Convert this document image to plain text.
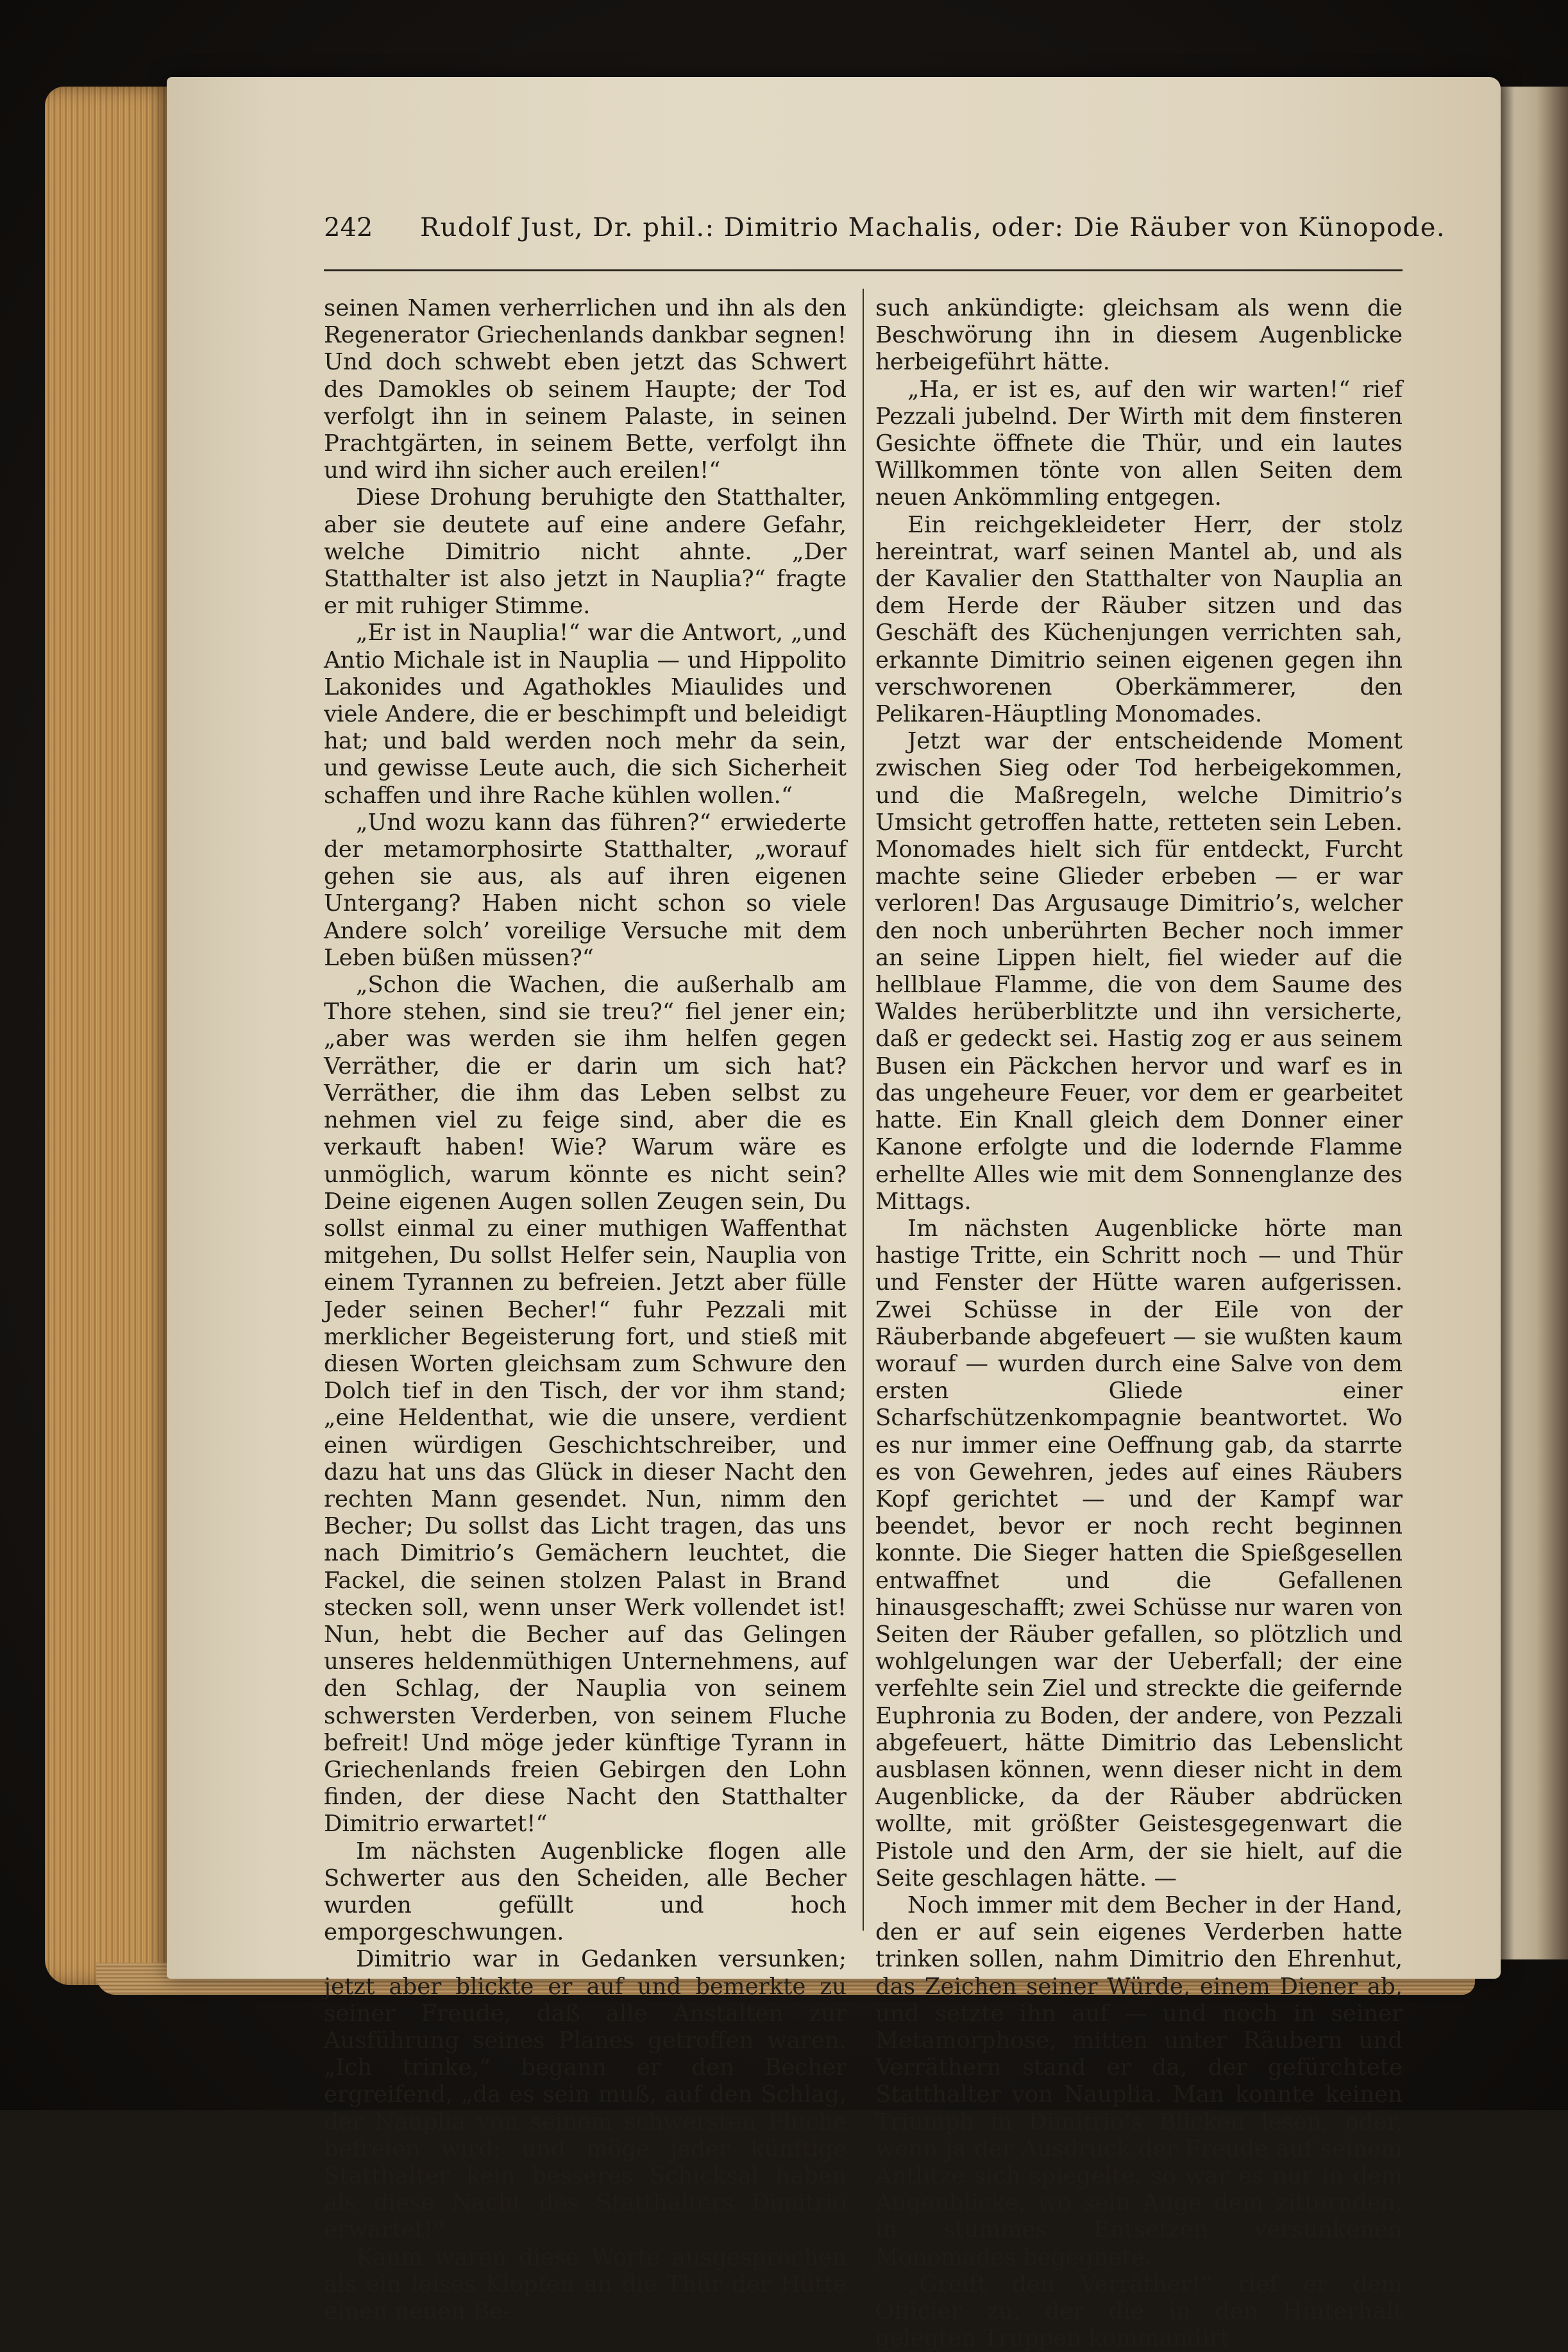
242 Rudolf Just, Dr. phil.: Dimitrio Machalis, oder: Die Räuber von Künopode.

seinen Namen verherrlichen und ihn als den Regenerator Griechenlands dankbar segnen! Und doch schwebt eben jetzt das Schwert des Damokles ob seinem Haupte; der Tod verfolgt ihn in seinem Palaste, in seinen Prachtgärten, in seinem Bette, verfolgt ihn und wird ihn sicher auch ereilen!“

Diese Drohung beruhigte den Statthalter, aber sie deutete auf eine andere Gefahr, welche Dimitrio nicht ahnte. „Der Statthalter ist also jetzt in Nauplia?“ fragte er mit ruhiger Stimme.

„Er ist in Nauplia!“ war die Antwort, „und Antio Michale ist in Nauplia — und Hippolito Lakonides und Agathokles Miaulides und viele Andere, die er beschimpft und beleidigt hat; und bald werden noch mehr da sein, und gewisse Leute auch, die sich Sicherheit schaffen und ihre Rache kühlen wollen.“

„Und wozu kann das führen?“ erwiederte der metamorphosirte Statthalter, „worauf gehen sie aus, als auf ihren eigenen Untergang? Haben nicht schon so viele Andere solch’ voreilige Versuche mit dem Leben büßen müssen?“

„Schon die Wachen, die außerhalb am Thore stehen, sind sie treu?“ fiel jener ein; „aber was werden sie ihm helfen gegen Verräther, die er darin um sich hat? Verräther, die ihm das Leben selbst zu nehmen viel zu feige sind, aber die es verkauft haben! Wie? Warum wäre es unmöglich, warum könnte es nicht sein? Deine eigenen Augen sollen Zeugen sein, Du sollst einmal zu einer muthigen Waffenthat mitgehen, Du sollst Helfer sein, Nauplia von einem Tyrannen zu befreien. Jetzt aber fülle Jeder seinen Becher!“ fuhr Pezzali mit merklicher Begeisterung fort, und stieß mit diesen Worten gleichsam zum Schwure den Dolch tief in den Tisch, der vor ihm stand; „eine Heldenthat, wie die unsere, verdient einen würdigen Geschichtschreiber, und dazu hat uns das Glück in dieser Nacht den rechten Mann gesendet. Nun, nimm den Becher; Du sollst das Licht tragen, das uns nach Dimitrio’s Gemächern leuchtet, die Fackel, die seinen stolzen Palast in Brand stecken soll, wenn unser Werk vollendet ist! Nun, hebt die Becher auf das Gelingen unseres heldenmüthigen Unternehmens, auf den Schlag, der Nauplia von seinem schwersten Verderben, von seinem Fluche befreit! Und möge jeder künftige Tyrann in Griechenlands freien Gebirgen den Lohn finden, der diese Nacht den Statthalter Dimitrio erwartet!“

Im nächsten Augenblicke flogen alle Schwerter aus den Scheiden, alle Becher wurden gefüllt und hoch emporgeschwungen.

Dimitrio war in Gedanken versunken; jetzt aber blickte er auf und bemerkte zu seiner Freude, daß alle Anstalten zur Ausführung seines Planes getroffen waren. „Ich trinke,“ begann er den Becher ergreifend, „da es sein muß, auf den Schlag, der Nauplia von seinem schwersten Fluche befreien wird; und möge jeder künftige Statthalter kein besseres Schicksal haben als diese Nacht des Statthalters Dimitrio erwartet!“

Kaum waren diese Worte ausgesprochen als ein leises Klopfen an die Thür der Hütte einen neuen Be-

such ankündigte: gleichsam als wenn die Beschwörung ihn in diesem Augenblicke herbeigeführt hätte.

„Ha, er ist es, auf den wir warten!“ rief Pezzali jubelnd. Der Wirth mit dem finsteren Gesichte öffnete die Thür, und ein lautes Willkommen tönte von allen Seiten dem neuen Ankömmling entgegen.

Ein reichgekleideter Herr, der stolz hereintrat, warf seinen Mantel ab, und als der Kavalier den Statthalter von Nauplia an dem Herde der Räuber sitzen und das Geschäft des Küchenjungen verrichten sah, erkannte Dimitrio seinen eigenen gegen ihn verschworenen Oberkämmerer, den Pelikaren-Häuptling Monomades.

Jetzt war der entscheidende Moment zwischen Sieg oder Tod herbeigekommen, und die Maßregeln, welche Dimitrio’s Umsicht getroffen hatte, retteten sein Leben. Monomades hielt sich für entdeckt, Furcht machte seine Glieder erbeben — er war verloren! Das Argusauge Dimitrio’s, welcher den noch unberührten Becher noch immer an seine Lippen hielt, fiel wieder auf die hellblaue Flamme, die von dem Saume des Waldes herüberblitzte und ihn versicherte, daß er gedeckt sei. Hastig zog er aus seinem Busen ein Päckchen hervor und warf es in das ungeheure Feuer, vor dem er gearbeitet hatte. Ein Knall gleich dem Donner einer Kanone erfolgte und die lodernde Flamme erhellte Alles wie mit dem Sonnenglanze des Mittags.

Im nächsten Augenblicke hörte man hastige Tritte, ein Schritt noch — und Thür und Fenster der Hütte waren aufgerissen. Zwei Schüsse in der Eile von der Räuberbande abgefeuert — sie wußten kaum worauf — wurden durch eine Salve von dem ersten Gliede einer Scharfschützenkompagnie beantwortet. Wo es nur immer eine Oeffnung gab, da starrte es von Gewehren, jedes auf eines Räubers Kopf gerichtet — und der Kampf war beendet, bevor er noch recht beginnen konnte. Die Sieger hatten die Spießgesellen entwaffnet und die Gefallenen hinausgeschafft; zwei Schüsse nur waren von Seiten der Räuber gefallen, so plötzlich und wohlgelungen war der Ueberfall; der eine verfehlte sein Ziel und streckte die geifernde Euphronia zu Boden, der andere, von Pezzali abgefeuert, hätte Dimitrio das Lebenslicht ausblasen können, wenn dieser nicht in dem Augenblicke, da der Räuber abdrücken wollte, mit größter Geistesgegenwart die Pistole und den Arm, der sie hielt, auf die Seite geschlagen hätte. —

Noch immer mit dem Becher in der Hand, den er auf sein eigenes Verderben hatte trinken sollen, nahm Dimitrio den Ehrenhut, das Zeichen seiner Würde, einem Diener ab, und setzte ihn auf — und noch in seiner Metamorphose, mitten unter Räubern und Verräthern stand er da, der gefürchtete Statthalter von Nauplia. Man konnte keinen Triumph in Dimitrio’s Blicken lesen, oder, wenn ja der Ausdruck der Freude auf seinem Antlitze sich spiegelte, so war es nur in dem Augenblicke, wo sein Auge dem zitternden, in stummes Entsetzen versunkenen Monomades begegnete.

„Greift den Verräther!“ rief er dem Officier zu, der die in den Hinterhalt gelegten Truppen kommandirt
